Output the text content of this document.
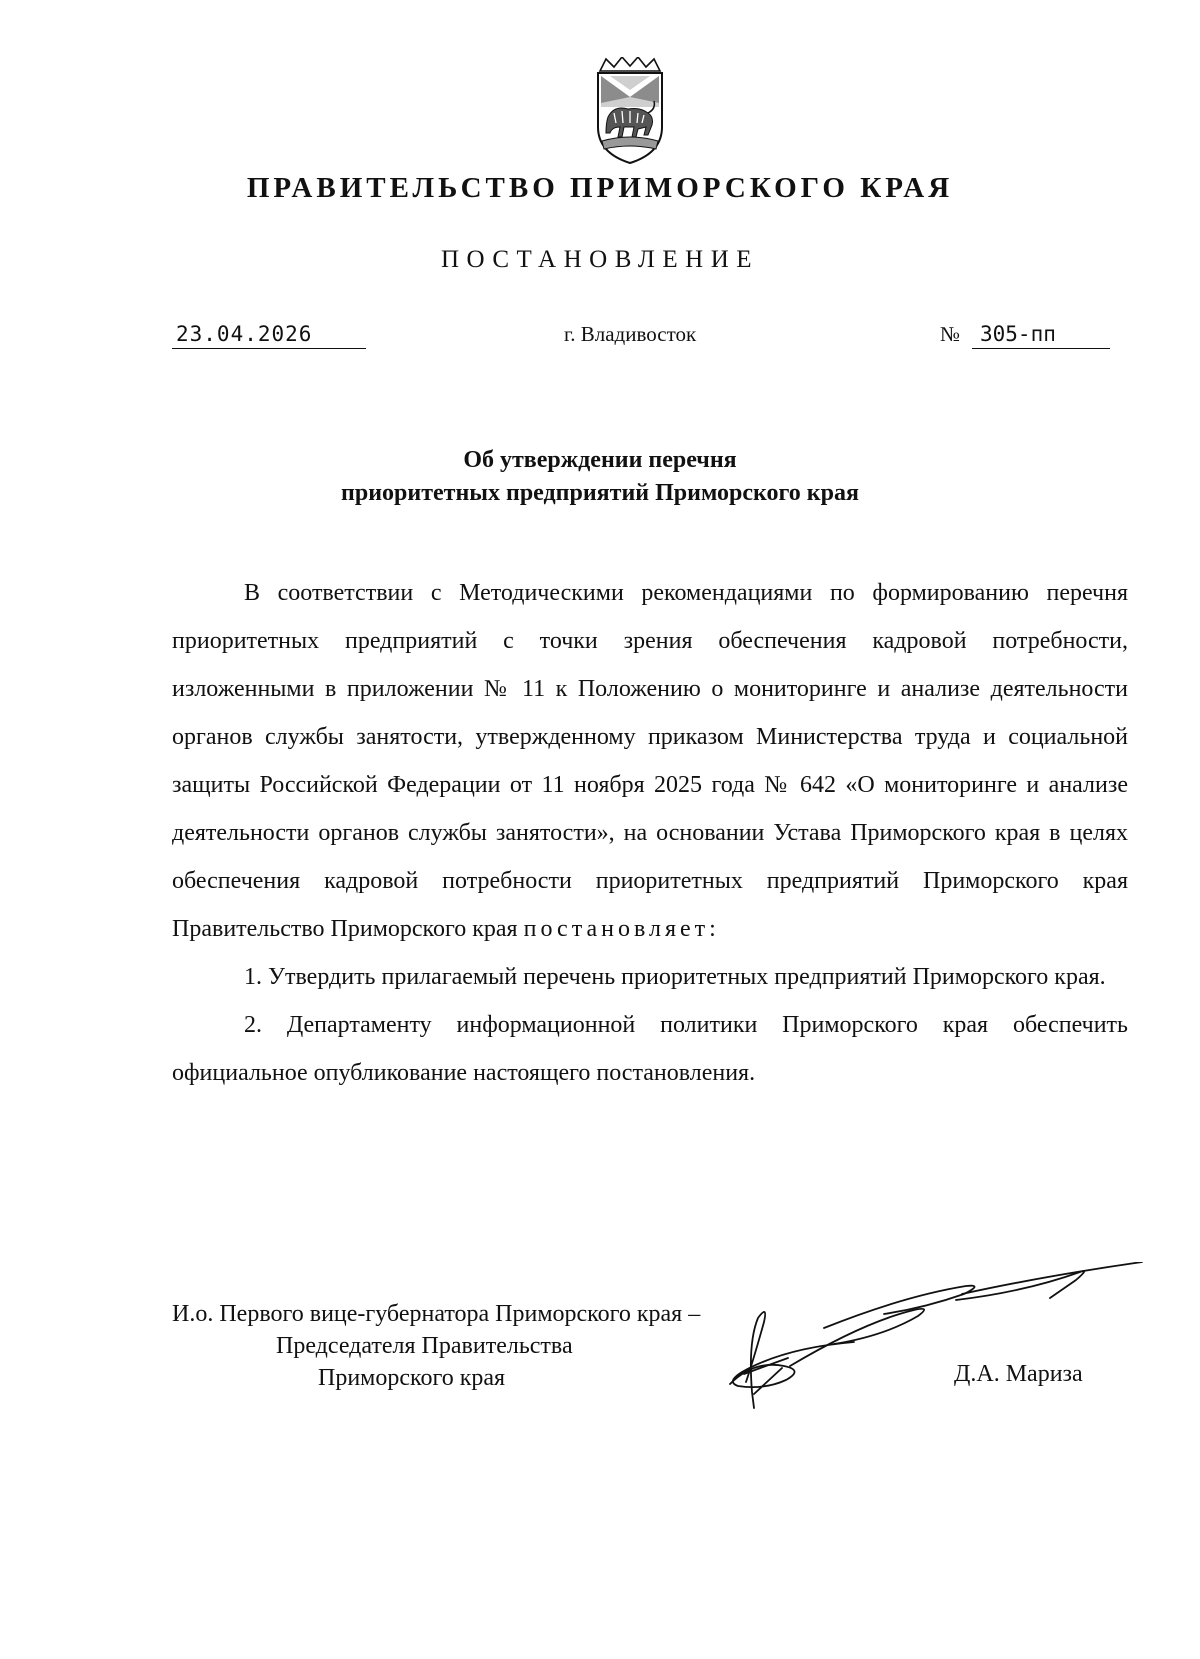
ПРАВИТЕЛЬСТВО ПРИМОРСКОГО КРАЯ
ПОСТАНОВЛЕНИЕ
23.04.2026	г. Владивосток	№ 305-пп
Об утверждении перечня
приоритетных предприятий Приморского края

В соответствии с Методическими рекомендациями по формированию перечня приоритетных предприятий с точки зрения обеспечения кадровой потребности, изложенными в приложении № 11 к Положению о мониторинге и анализе деятельности органов службы занятости, утвержденному приказом Министерства труда и социальной защиты Российской Федерации от 11 ноября 2025 года № 642 «О мониторинге и анализе деятельности органов службы занятости», на основании Устава Приморского края в целях обеспечения кадровой потребности приоритетных предприятий Приморского края Правительство Приморского края постановляет:

1. Утвердить прилагаемый перечень приоритетных предприятий Приморского края.

2. Департаменту информационной политики Приморского края обеспечить официальное опубликование настоящего постановления.

И.о. Первого вице-губернатора Приморского края –
Председателя Правительства
Приморского края	Д.А. Мариза
